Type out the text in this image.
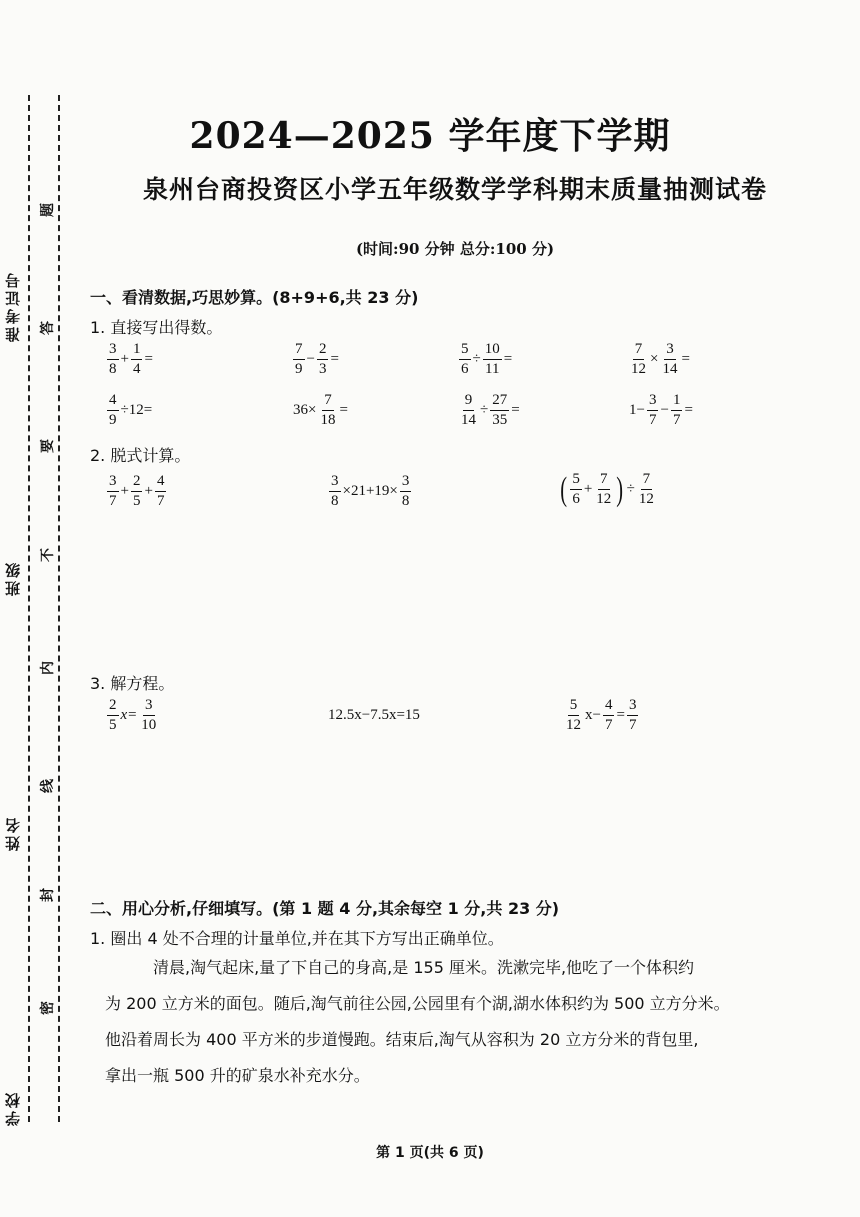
准考证号
班级
姓名
学校
题
答
要
不
内
线
封
密
2024—2025 学年度下学期
泉州台商投资区小学五年级数学学科期末质量抽测试卷
(时间:90 分钟 总分:100 分)
一、看清数据,巧思妙算。(8+9+6,共 23 分)
1. 直接写出得数。
$\frac{3}{8} + \frac{1}{4}$ =	$\frac{7}{9} - \frac{2}{3}$ =	$\frac{5}{6} \div \frac{10}{11}$ =	$\frac{7}{12} \times \frac{3}{14}$ =
$\frac{4}{9} \div 12=$	$36\times \frac{7}{18}$ =	$\frac{9}{14} \div \frac{27}{35}$ =	$1- \frac{3}{7} - \frac{1}{7}$ =
2. 脱式计算。
$\frac{3}{7} + \frac{2}{5} + \frac{4}{7}$	$\frac{3}{8} \times 21+19\times \frac{3}{8}$	( $\frac{5}{6} + \frac{7}{12}$ ) ÷ $\frac{7}{12}$
3. 解方程。
$\frac{2}{5} x= \frac{3}{10}$	12.5x−7.5x=15	$\frac{5}{12} x- \frac{4}{7} = \frac{3}{7}$
二、用心分析,仔细填写。(第 1 题 4 分,其余每空 1 分,共 23 分)
1. 圈出 4 处不合理的计量单位,并在其下方写出正确单位。

清晨,淘气起床,量了下自己的身高,是 155 厘米。洗漱完毕,他吃了一个体积约

为 200 立方米的面包。随后,淘气前往公园,公园里有个湖,湖水体积约为 500 立方分米。

他沿着周长为 400 平方米的步道慢跑。结束后,淘气从容积为 20 立方分米的背包里,

拿出一瓶 500 升的矿泉水补充水分。

第 1 页(共 6 页)
